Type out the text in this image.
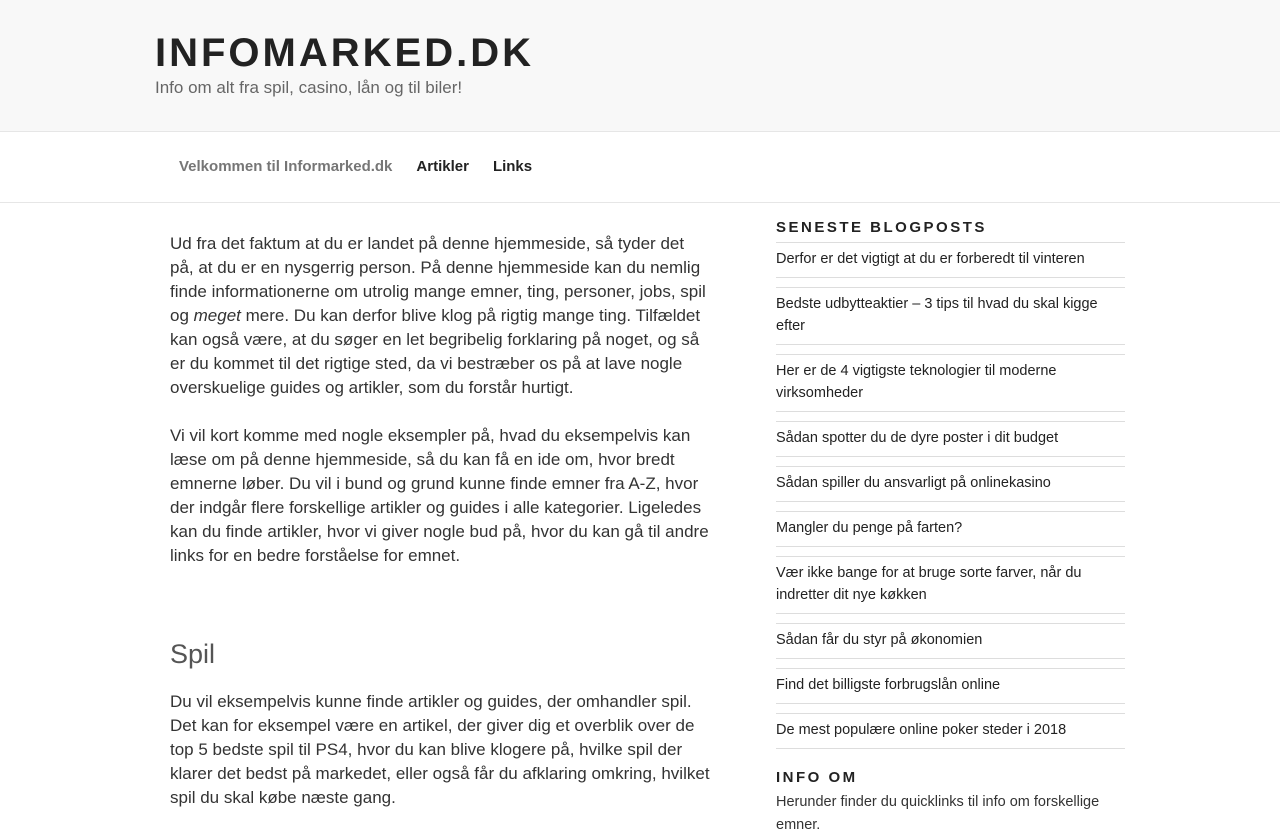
INFOMARKED.DK

Info om alt fra spil, casino, lån og til biler!

Velkommen til Informarked.dk	Artikler	Links

Ud fra det faktum at du er landet på denne hjemmeside, så tyder det på, at du er en nysgerrig person. På denne hjemmeside kan du nemlig finde informationerne om utrolig mange emner, ting, personer, jobs, spil og meget mere. Du kan derfor blive klog på rigtig mange ting. Tilfældet kan også være, at du søger en let begribelig forklaring på noget, og så er du kommet til det rigtige sted, da vi bestræber os på at lave nogle overskuelige guides og artikler, som du forstår hurtigt.

Vi vil kort komme med nogle eksempler på, hvad du eksempelvis kan læse om på denne hjemmeside, så du kan få en ide om, hvor bredt emnerne løber. Du vil i bund og grund kunne finde emner fra A-Z, hvor der indgår flere forskellige artikler og guides i alle kategorier. Ligeledes kan du finde artikler, hvor vi giver nogle bud på, hvor du kan gå til andre links for en bedre forståelse for emnet.

Spil

Du vil eksempelvis kunne finde artikler og guides, der omhandler spil. Det kan for eksempel være en artikel, der giver dig et overblik over de top 5 bedste spil til PS4, hvor du kan blive klogere på, hvilke spil der klarer det bedst på markedet, eller også får du afklaring omkring, hvilket spil du skal købe næste gang.

SENESTE BLOGPOSTS
Derfor er det vigtigt at du er forberedt til vinteren
Bedste udbytteaktier – 3 tips til hvad du skal kigge efter
Her er de 4 vigtigste teknologier til moderne virksomheder
Sådan spotter du de dyre poster i dit budget
Sådan spiller du ansvarligt på onlinekasino
Mangler du penge på farten?
Vær ikke bange for at bruge sorte farver, når du indretter dit nye køkken
Sådan får du styr på økonomien
Find det billigste forbrugslån online
De mest populære online poker steder i 2018
INFO OM

Herunder finder du quicklinks til info om forskellige emner.
